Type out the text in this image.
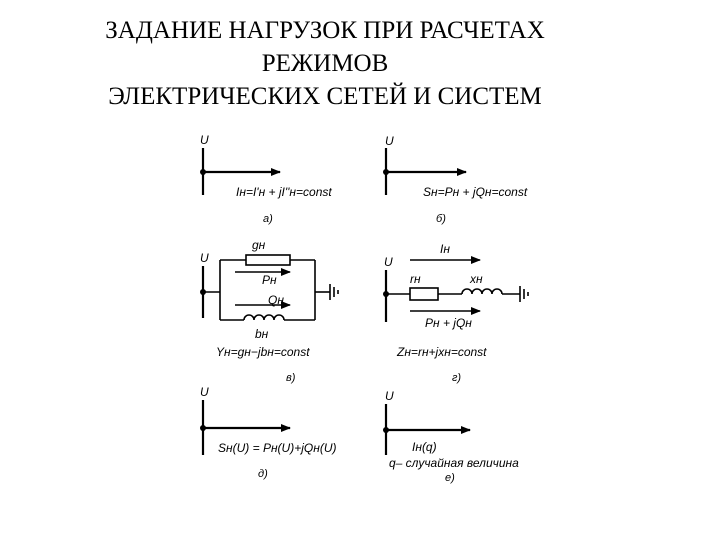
ЗАДАНИЕ НАГРУЗОК ПРИ РАСЧЕТАХ
РЕЖИМОВ
ЭЛЕКТРИЧЕСКИХ СЕТЕЙ И СИСТЕМ
U
Iн=I'н + jI''н=const
а)
U
Sн=Pн + jQн=const
б)
U
gн
Pн
Qн
bн
Yн=gн−jbн=const
в)
U
Iн
rн	xн
Pн + jQн
Zн=rн+jxн=const
г)
U
Sн(U) = Pн(U)+jQн(U)
д)
U
Iн(q)
q– случайная величина
е)
